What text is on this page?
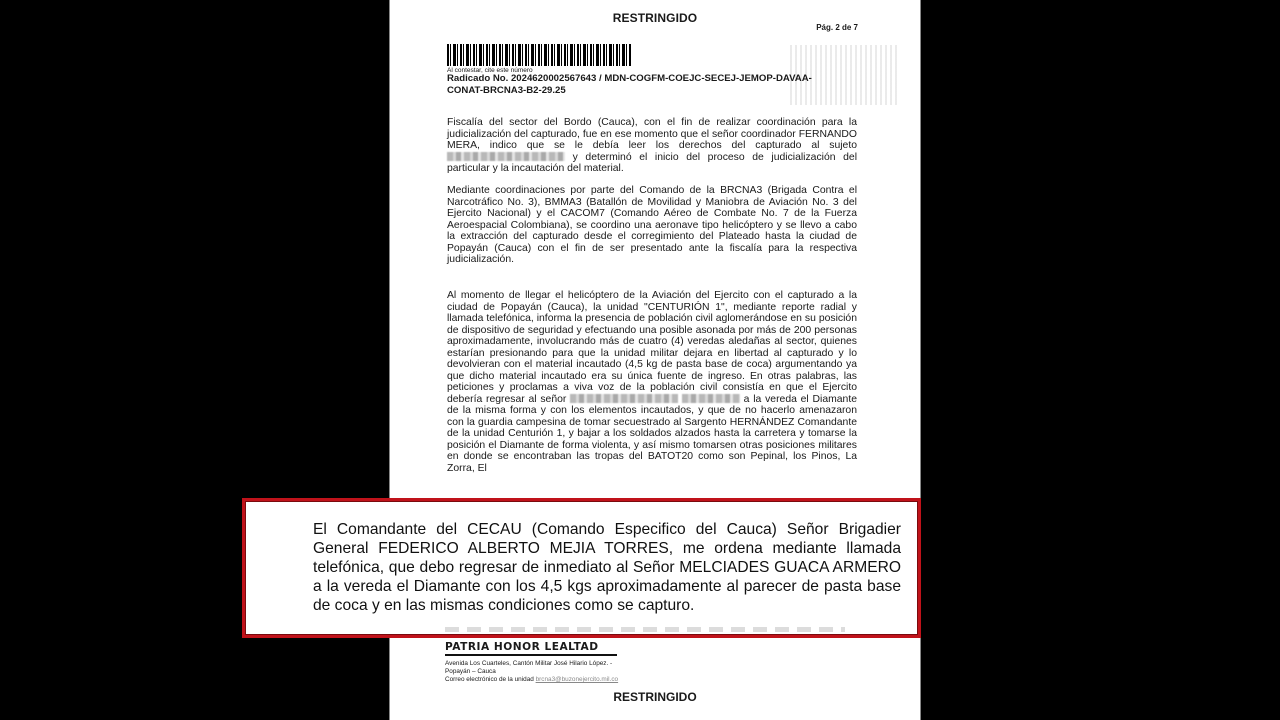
RESTRINGIDO
Pág. 2 de 7
Al contestar, cite este número
Radicado No. 2024620002567643 / MDN-COGFM-COEJC-SECEJ-JEMOP-DAVAA-CONAT-BRCNA3-B2-29.25
Fiscalía del sector del Bordo (Cauca), con el fin de realizar coordinación para la judicialización del capturado, fue en ese momento que el señor coordinador FERNANDO MERA, indico que se le debía leer los derechos del capturado al sujeto  y determinó el inicio del proceso de judicialización del particular y la incautación del material.
Mediante coordinaciones por parte del Comando de la BRCNA3 (Brigada Contra el Narcotráfico No. 3), BMMA3 (Batallón de Movilidad y Maniobra de Aviación No. 3 del Ejercito Nacional) y el CACOM7 (Comando Aéreo de Combate No. 7 de la Fuerza Aeroespacial Colombiana), se coordino una aeronave tipo helicóptero y se llevo a cabo la extracción del capturado desde el corregimiento del Plateado hasta la ciudad de Popayán (Cauca) con el fin de ser presentado ante la fiscalía para la respectiva judicialización.
Al momento de llegar el helicóptero de la Aviación del Ejercito con el capturado a la ciudad de Popayán (Cauca), la unidad "CENTURIÓN 1", mediante reporte radial y llamada telefónica, informa la presencia de población civil aglomerándose en su posición de dispositivo de seguridad y efectuando una posible asonada por más de 200 personas aproximadamente, involucrando más de cuatro (4) veredas aledañas al sector, quienes estarían presionando para que la unidad militar dejara en libertad al capturado y lo devolvieran con el material incautado (4,5 kg de pasta base de coca) argumentando ya que dicho material incautado era su única fuente de ingreso. En otras palabras, las peticiones y proclamas a viva voz de la población civil consistía en que el Ejercito debería regresar al señor	a la vereda el Diamante de la misma forma y con los elementos incautados, y que de no hacerlo amenazaron con la guardia campesina de tomar secuestrado al Sargento HERNÁNDEZ Comandante de la unidad Centurión 1, y bajar a los soldados alzados hasta la carretera y tomarse la posición el Diamante de forma violenta, y así mismo tomarsen otras posiciones militares en donde se encontraban las tropas del BATOT20 como son Pepinal, los Pinos, La Zorra, El
PATRIA HONOR LEALTAD
Avenida Los Cuarteles, Cantón Militar José Hilario López. -
Popayán – Cauca
Correo electrónico de la unidad brcna3@buzonejercito.mil.co
RESTRINGIDO
El Comandante del CECAU (Comando Especifico del Cauca) Señor Brigadier General FEDERICO ALBERTO MEJIA TORRES, me ordena mediante llamada telefónica, que debo regresar de inmediato al Señor MELCIADES GUACA ARMERO a la vereda el Diamante con los 4,5 kgs aproximadamente al parecer de pasta base de coca y en las mismas condiciones como se capturo.
